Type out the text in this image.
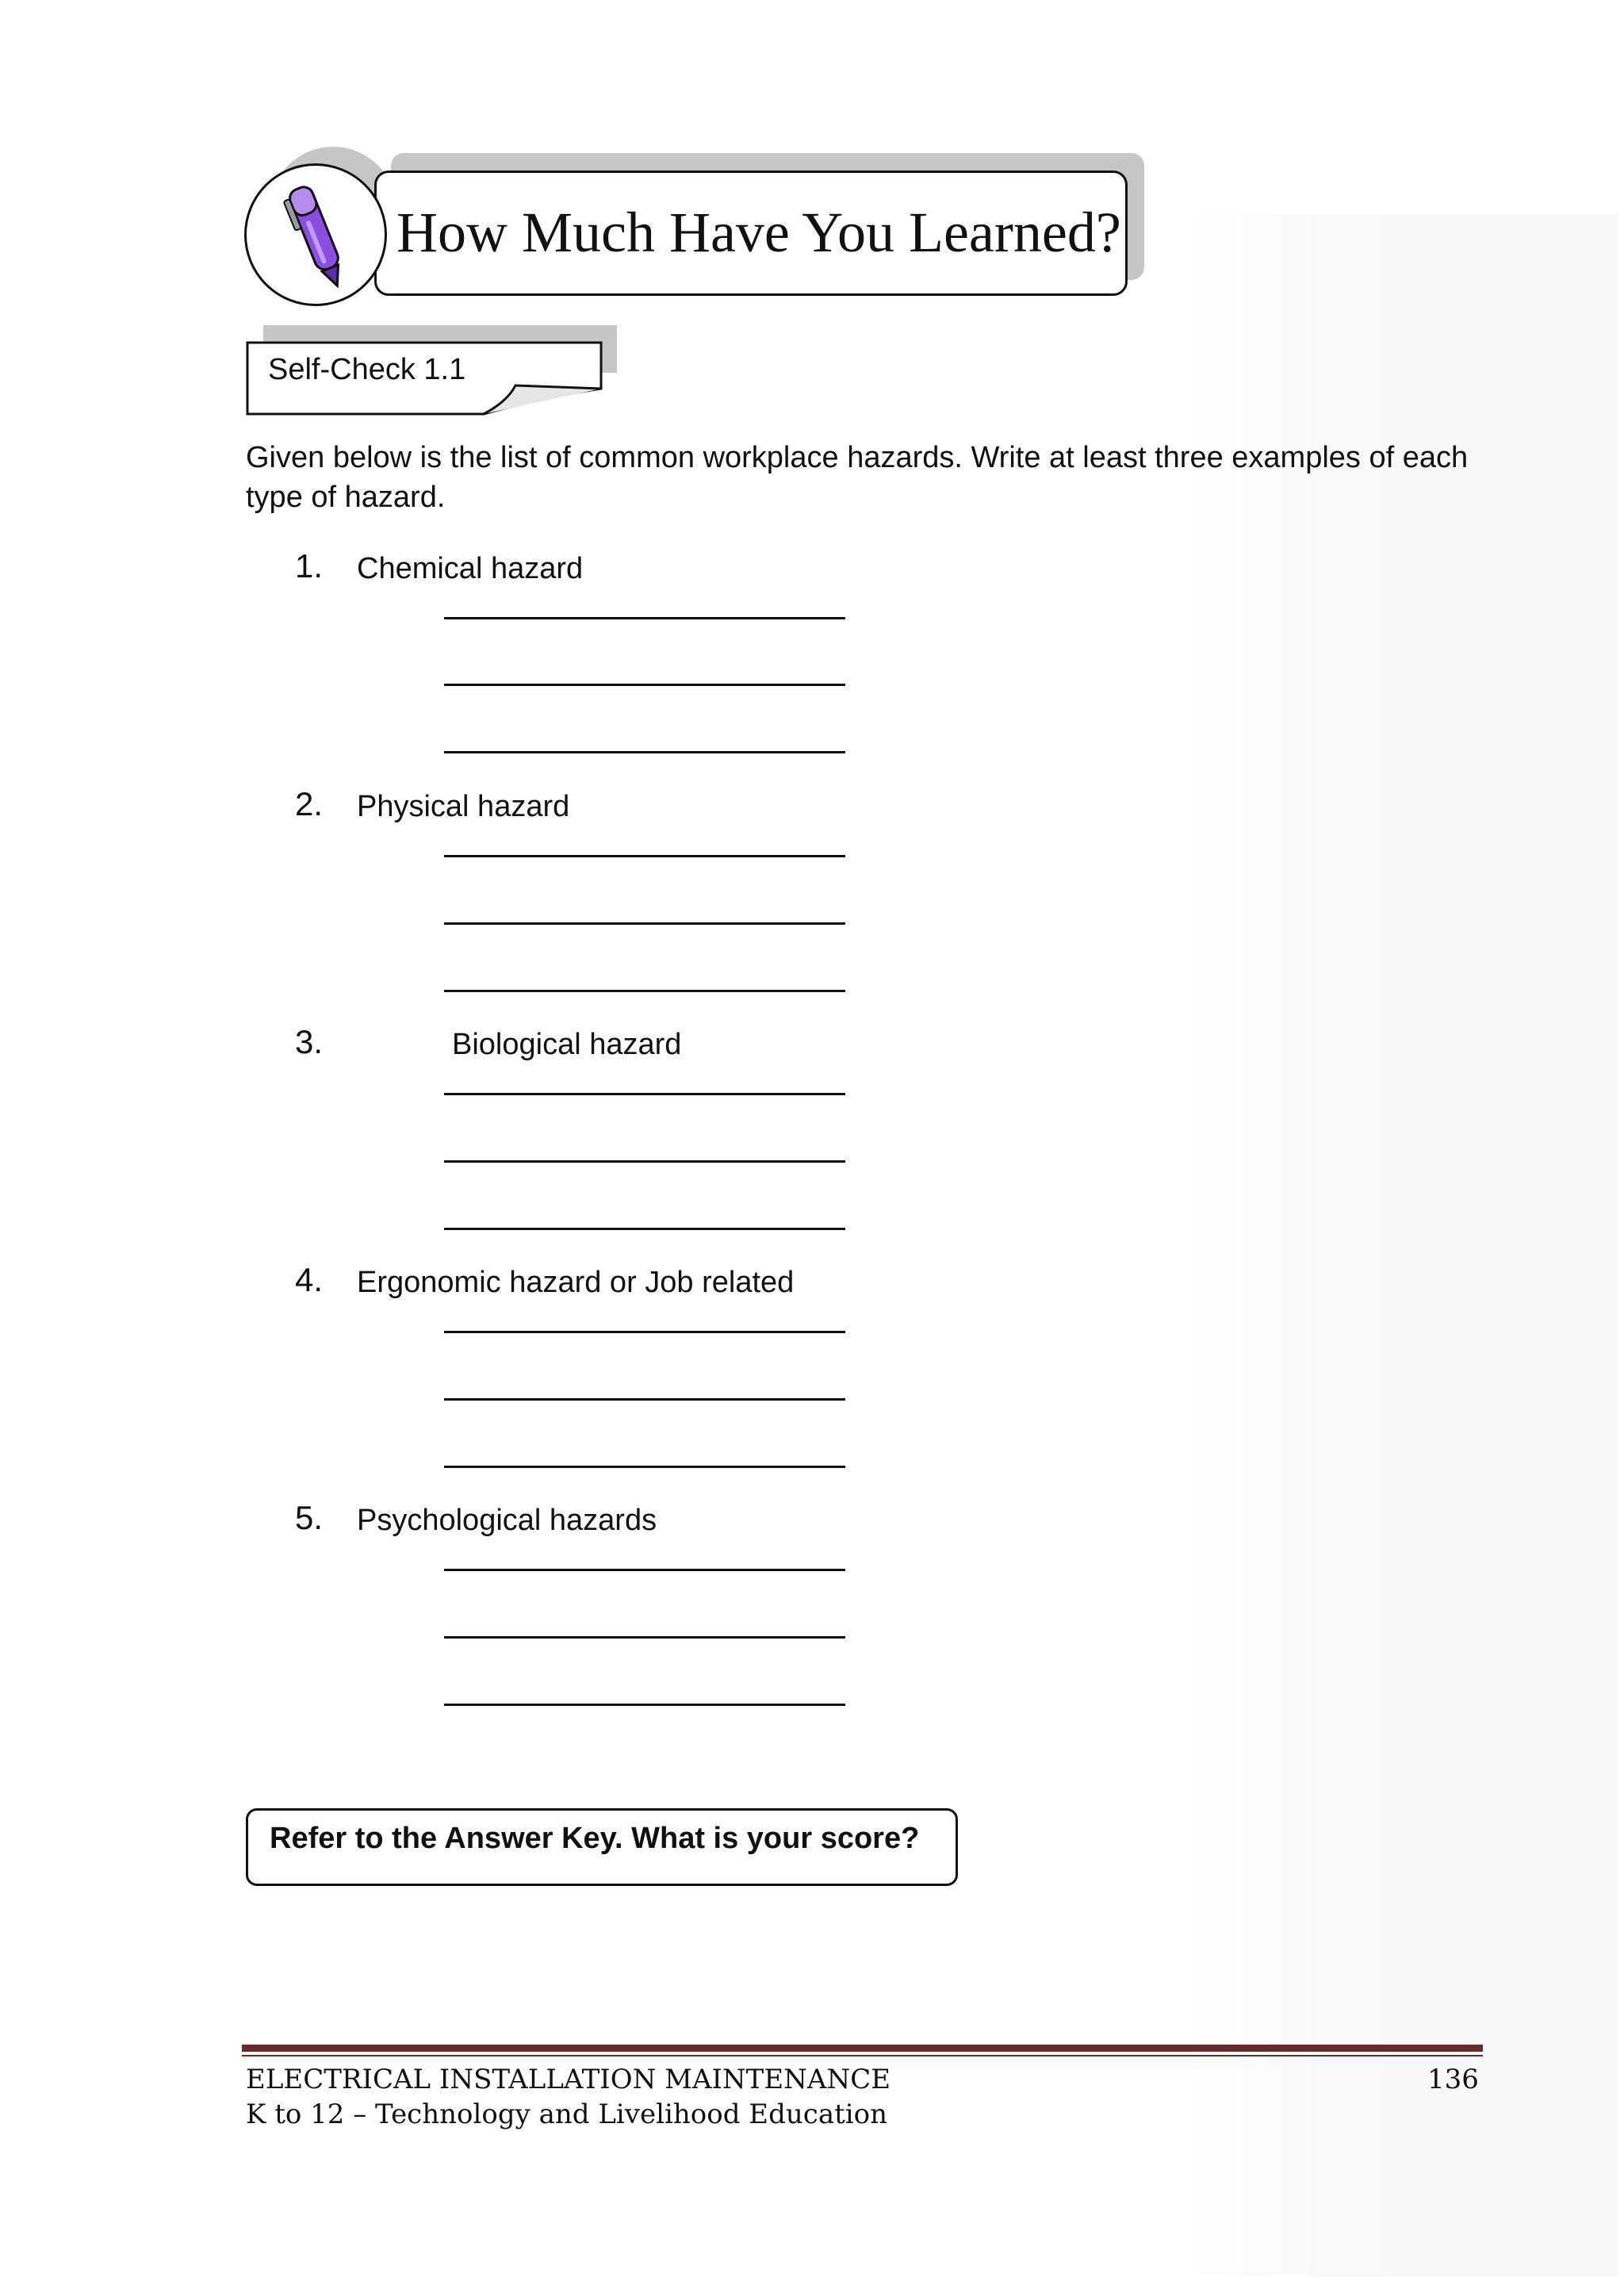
How Much Have You Learned?
Self-Check 1.1
Given below is the list of common workplace hazards. Write at least three examples of each type of hazard.
1. Chemical hazard
2. Physical hazard
3.	Biological hazard
4. Ergonomic hazard or Job related
5. Psychological hazards
Refer to the Answer Key. What is your score?
ELECTRICAL INSTALLATION MAINTENANCE
K to 12 – Technology and Livelihood Education
136
